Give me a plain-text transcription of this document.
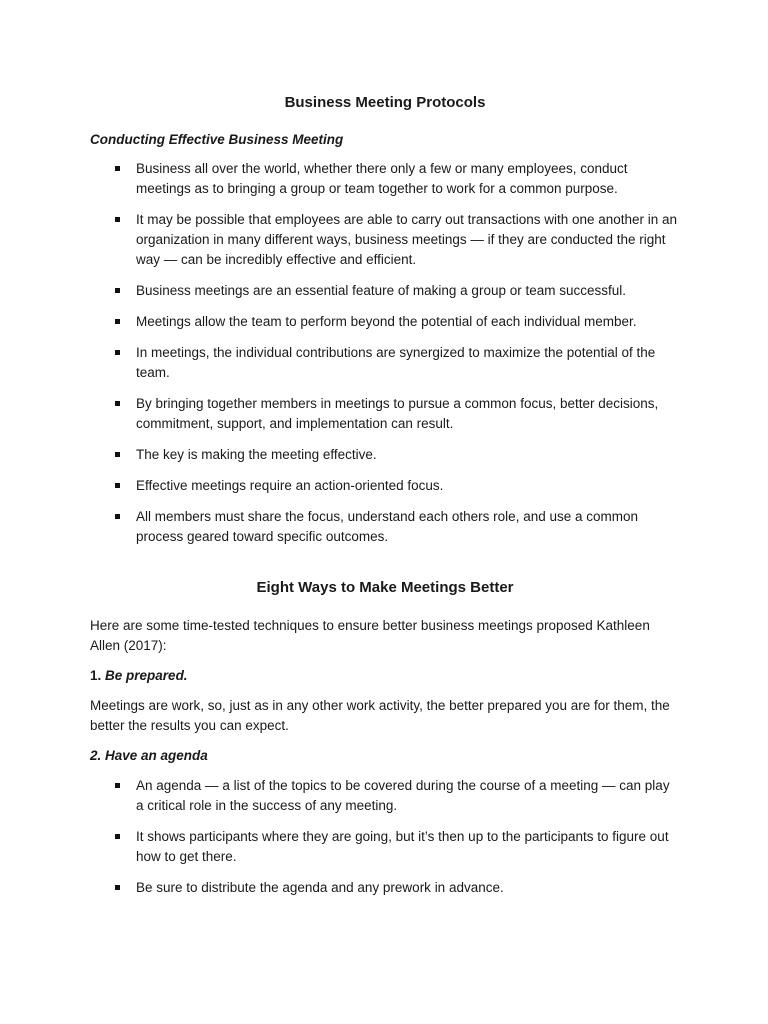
Business Meeting Protocols
Conducting Effective Business Meeting
Business all over the world, whether there only a few or many employees, conduct meetings as to bringing a group or team together to work for a common purpose.
It may be possible that employees are able to carry out transactions with one another in an organization in many different ways, business meetings — if they are conducted the right way — can be incredibly effective and efficient.
Business meetings are an essential feature of making a group or team successful.
Meetings allow the team to perform beyond the potential of each individual member.
In meetings, the individual contributions are synergized to maximize the potential of the team.
By bringing together members in meetings to pursue a common focus, better decisions, commitment, support, and implementation can result.
The key is making the meeting effective.
Effective meetings require an action-oriented focus.
All members must share the focus, understand each others role, and use a common process geared toward specific outcomes.
Eight Ways to Make Meetings Better

Here are some time-tested techniques to ensure better business meetings proposed Kathleen Allen (2017):

1. Be prepared.

Meetings are work, so, just as in any other work activity, the better prepared you are for them, the better the results you can expect.

2. Have an agenda

An agenda — a list of the topics to be covered during the course of a meeting — can play a critical role in the success of any meeting.
It shows participants where they are going, but it’s then up to the participants to figure out how to get there.
Be sure to distribute the agenda and any prework in advance.
